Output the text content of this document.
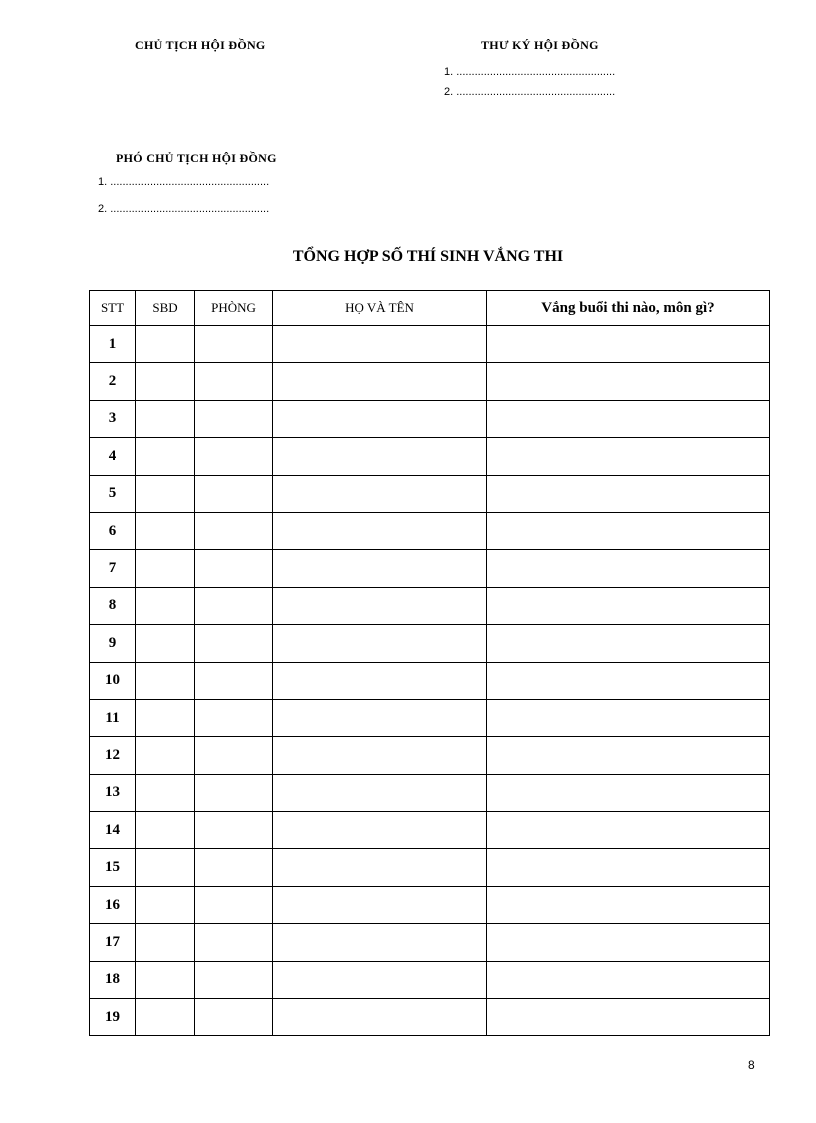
CHỦ TỊCH HỘI ĐỒNG	THƯ KÝ HỘI ĐỒNG
1. ....................................................
2. ....................................................
PHÓ CHỦ TỊCH HỘI ĐỒNG
1. ....................................................
2. ....................................................
TỔNG HỢP SỐ THÍ SINH VẮNG THI
STT	SBD	PHÒNG	HỌ VÀ TÊN	Vắng buổi thi nào, môn gì?
1				
2				
3				
4				
5				
6				
7				
8				
9				
10				
11				
12				
13				
14				
15				
16				
17				
18				
19				
8
